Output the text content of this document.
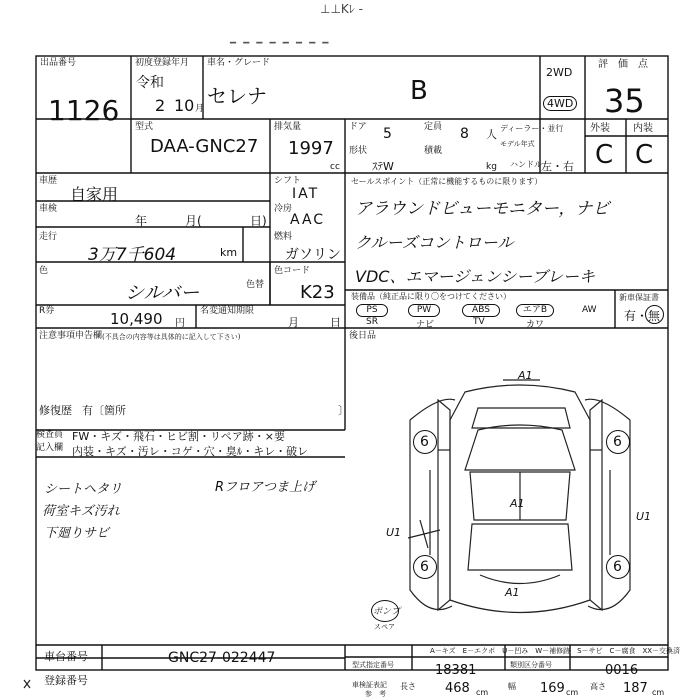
⊥⊥Kﾚ -
━ ━ ━ ━ ━ ━ ━ ━
出品番号
1126
初度登録年月
令和
2 10 月
車名・グレード
セレナ	B
2WD
4WD
評　価　点
35
外装 内装
C C
型式
DAA-GNC27
排気量
1997
cc
ドア 5	定員 8 人 ディーラー・並行
形状
ｽﾃW
積載
kg
モデル年式
ハンドル 左・右
車歴
自家用
車検
年	月(	日)
走行
3万7千604	km
シフト
IAT
冷房
AAC
燃料
ガソリン
色
シルバー	色替
色コード
K23
R券	10,490 円
名変通知期限
月	日
セールスポイント（正常に機能するものに限ります）
アラウンドビューモニター，ナビ
クルーズコントロール
VDC、エマージェンシーブレーキ
装備品（純正品に限り〇をつけてください）
PS	PW	ABS	エアB	AW
SR	ナビ	TV	カワ
新車保証書
有・無
注意事項申告欄 (不具合の内容等は具体的に記入して下さい)
修復歴 有〔箇所	〕
後日品
検査員
記入欄
FW・キズ・飛石・ヒビ割・リペア跡・×要
内装・キズ・汚レ・コゲ・穴・臭ﾙ・キレ・破レ
シートヘタリ
荷室キズ汚れ
下廻りサビ
Rフロアつま上げ
A1
A1
A1
U1
U1
6	6
6	6
ポンプ
スペア
A－キズ　E－エクボ　U－凹み　W－補修跡　S－サビ　C－腐食　XX－交換済
車台番号	GNC27-022447
登録番号
型式指定番号	18381	類別区分番号	0016
車検証表記
参　考
長さ 468 cm
幅 169 cm
高さ 187 cm
